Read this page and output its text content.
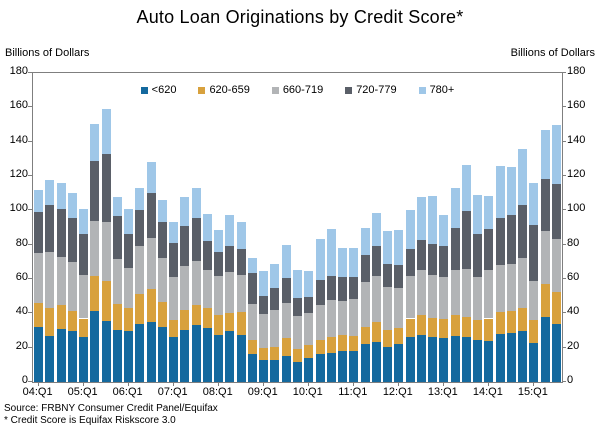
Auto Loan Originations by Credit Score*
Billions of Dollars	Billions of Dollars
<620	620-659	660-719	720-779	780+
0
20
40
60
80
100
120
140
160
180
0
20
40
60
80
100
120
140
160
180
04:Q1	05:Q1	06:Q1	07:Q1	08:Q1	09:Q1	10:Q1	11:Q1	12:Q1	13:Q1	14:Q1	15:Q1
Source: FRBNY Consumer Credit Panel/Equifax
* Credit Score is Equifax Riskscore 3.0
